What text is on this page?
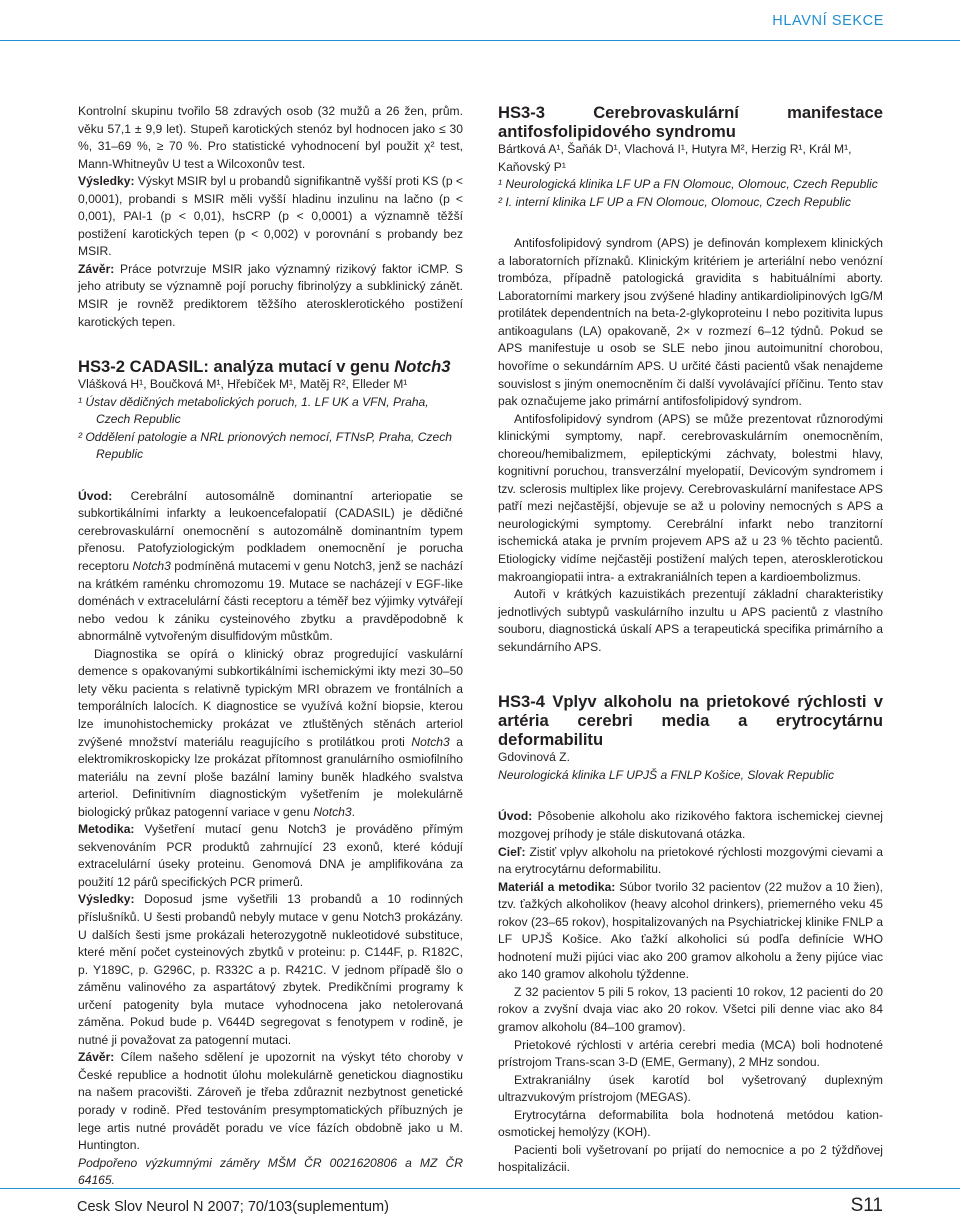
HLAVNÍ SEKCE

Kontrolní skupinu tvořilo 58 zdravých osob (32 mužů a 26 žen, prům. věku 57,1 ± 9,9 let). Stupeň karotických stenóz byl hodnocen jako ≤ 30 %, 31–69 %, ≥ 70 %. Pro statistické vyhodnocení byl použit χ² test, Mann-Whitneyův U test a Wilcoxonův test.

Výsledky: Výskyt MSIR byl u probandů signifikantně vyšší proti KS (p < 0,0001), probandi s MSIR měli vyšší hladinu inzulinu na lačno (p < 0,001), PAI-1 (p < 0,01), hsCRP (p < 0,0001) a významně těžší postižení karotických tepen (p < 0,002) v porovnání s probandy bez MSIR.

Závěr: Práce potvrzuje MSIR jako významný rizikový faktor iCMP. S jeho atributy se významně pojí poruchy fibrinolýzy a subklinický zánět. MSIR je rovněž prediktorem těžšího aterosklerotického postižení karotických tepen.

HS3-2 CADASIL: analýza mutací v genu Notch3

Vlášková H¹, Boučková M¹, Hřebíček M¹, Matěj R², Elleder M¹

¹ Ústav dědičných metabolických poruch, 1. LF UK a VFN, Praha, Czech Republic

² Oddělení patologie a NRL prionových nemocí, FTNsP, Praha, Czech Republic

Úvod: Cerebrální autosomálně dominantní arteriopatie se subkortikálními infarkty a leukoencefalopatií (CADASIL) je dědičné cerebrovaskulární onemocnění s autozomálně dominantním typem přenosu. Patofyziologickým podkladem onemocnění je porucha receptoru Notch3 podmíněná mutacemi v genu Notch3, jenž se nachází na krátkém raménku chromozomu 19. Mutace se nacházejí v EGF-like doménách v extracelulární části receptoru a téměř bez výjimky vytvářejí nebo vedou k zániku cysteinového zbytku a pravděpodobně k abnormálně vytvořeným disulfidovým můstkům.

Diagnostika se opírá o klinický obraz progredující vaskulární demence s opakovanými subkortikálními ischemickými ikty mezi 30–50 lety věku pacienta s relativně typickým MRI obrazem ve frontálních a temporálních lalocích. K diagnostice se využívá kožní biopsie, kterou lze imunohistochemicky prokázat ve ztluštěných stěnách arteriol zvýšené množství materiálu reagujícího s protilátkou proti Notch3 a elektromikroskopicky lze prokázat přítomnost granulárního osmiofilního materiálu na zevní ploše bazální laminy buněk hladkého svalstva arteriol. Definitivním diagnostickým vyšetřením je molekulárně biologický průkaz patogenní variace v genu Notch3.

Metodika: Vyšetření mutací genu Notch3 je prováděno přímým sekvenováním PCR produktů zahrnující 23 exonů, které kódují extracelulární úseky proteinu. Genomová DNA je amplifikována za použití 12 párů specifických PCR primerů.

Výsledky: Doposud jsme vyšetřili 13 probandů a 10 rodinných příslušníků. U šesti probandů nebyly mutace v genu Notch3 prokázány. U dalších šesti jsme prokázali heterozygotně nukleotidové substituce, které mění počet cysteinových zbytků v proteinu: p. C144F, p. R182C, p. Y189C, p. G296C, p. R332C a p. R421C. V jednom případě šlo o záměnu valinového za aspartátový zbytek. Predikčními programy k určení patogenity byla mutace vyhodnocena jako netolerovaná záměna. Pokud bude p. V644D segregovat s fenotypem v rodině, je nutné ji považovat za patogenní mutaci.

Závěr: Cílem našeho sdělení je upozornit na výskyt této choroby v České republice a hodnotit úlohu molekulárně genetickou diagnostiku na našem pracovišti. Zároveň je třeba zdůraznit nezbytnost genetické porady v rodině. Před testováním presymptomatických příbuzných je lege artis nutné provádět poradu ve více fázích obdobně jako u M. Huntington.

Podpořeno výzkumnými záměry MŠM ČR 0021620806 a MZ ČR 64165.

HS3-3 Cerebrovaskulární manifestace antifosfolipidového syndromu

Bártková A¹, Šaňák D¹, Vlachová I¹, Hutyra M², Herzig R¹, Král M¹, Kaňovský P¹

¹ Neurologická klinika LF UP a FN Olomouc, Olomouc, Czech Republic

² I. interní klinika LF UP a FN Olomouc, Olomouc, Czech Republic

Antifosfolipidový syndrom (APS) je definován komplexem klinických a laboratorních příznaků. Klinickým kritériem je arteriální nebo venózní trombóza, případně patologická gravidita s habituálními aborty. Laboratorními markery jsou zvýšené hladiny antikardiolipinových IgG/M protilátek dependentních na beta-2-glykoproteinu I nebo pozitivita lupus antikoagulans (LA) opakovaně, 2× v rozmezí 6–12 týdnů. Pokud se APS manifestuje u osob se SLE nebo jinou autoimunitní chorobou, hovoříme o sekundárním APS. U určité části pacientů však nenajdeme souvislost s jiným onemocněním či další vyvolávající příčinu. Tento stav pak označujeme jako primární antifosfolipidový syndrom.

Antifosfolipidový syndrom (APS) se může prezentovat různorodými klinickými symptomy, např. cerebrovaskulárním onemocněním, choreou/hemibalizmem, epileptickými záchvaty, bolestmi hlavy, kognitivní poruchou, transverzální myelopatií, Devicovým syndromem i tzv. sclerosis multiplex like projevy. Cerebrovaskulární manifestace APS patří mezi nejčastější, objevuje se až u poloviny nemocných s APS a neurologickými symptomy. Cerebrální infarkt nebo tranzitorní ischemická ataka je prvním projevem APS až u 23 % těchto pacientů. Etiologicky vidíme nejčastěji postižení malých tepen, aterosklerotickou makroangiopatii intra- a extrakraniálních tepen a kardioembolizmus.

Autoři v krátkých kazuistikách prezentují základní charakteristiky jednotlivých subtypů vaskulárního inzultu u APS pacientů z vlastního souboru, diagnostická úskalí APS a terapeutická specifika primárního a sekundárního APS.

HS3-4 Vplyv alkoholu na prietokové rýchlosti v artéria cerebri media a erytrocytárnu deformabilitu

Gdovinová Z.

Neurologická klinika LF UPJŠ a FNLP Košice, Slovak Republic

Úvod: Pôsobenie alkoholu ako rizikového faktora ischemickej cievnej mozgovej príhody je stále diskutovaná otázka.

Cieľ: Zistiť vplyv alkoholu na prietokové rýchlosti mozgovými cievami a na erytrocytárnu deformabilitu.

Materiál a metodika: Súbor tvorilo 32 pacientov (22 mužov a 10 žien), tzv. ťažkých alkoholikov (heavy alcohol drinkers), priemerného veku 45 rokov (23–65 rokov), hospitalizovaných na Psychiatrickej klinike FNLP a LF UPJŠ Košice. Ako ťažkí alkoholici sú podľa definície WHO hodnotení muži pijúci viac ako 200 gramov alkoholu a ženy pijúce viac ako 140 gramov alkoholu týždenne.

Z 32 pacientov 5 pili 5 rokov, 13 pacienti 10 rokov, 12 pacienti do 20 rokov a zvyšní dvaja viac ako 20 rokov. Všetci pili denne viac ako 84 gramov alkoholu (84–100 gramov).

Prietokové rýchlosti v artéria cerebri media (MCA) boli hodnotené prístrojom Trans-scan 3-D (EME, Germany), 2 MHz sondou.

Extrakraniálny úsek karotíd bol vyšetrovaný duplexným ultrazvukovým prístrojom (MEGAS).

Erytrocytárna deformabilita bola hodnotená metódou kation-osmotickej hemolýzy (KOH).

Pacienti boli vyšetrovaní po prijatí do nemocnice a po 2 týždňovej hospitalizácii.

Cesk Slov Neurol N 2007; 70/103(suplementum)	S11
